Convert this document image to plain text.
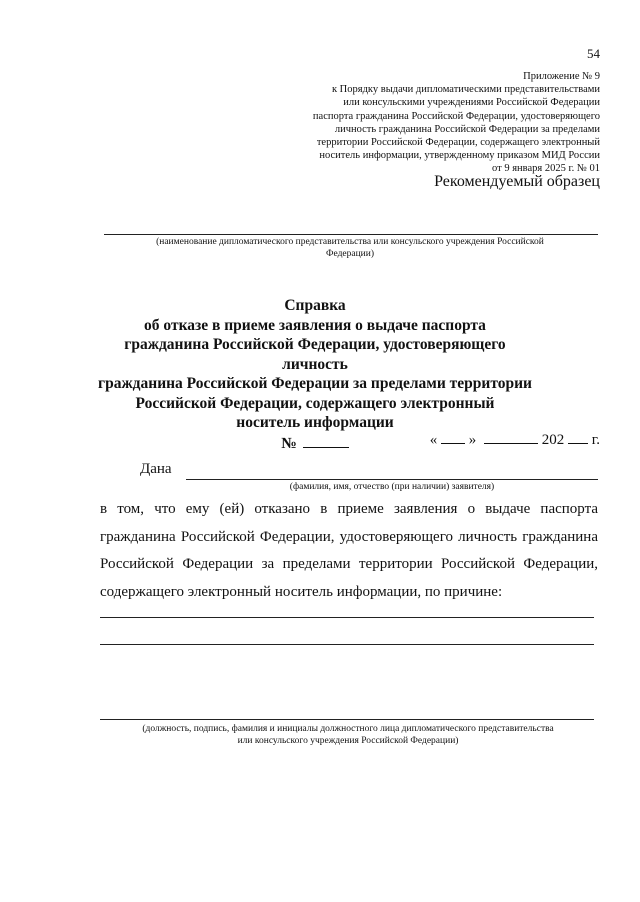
54
Приложение № 9
к Порядку выдачи дипломатическими представительствами
или консульскими учреждениями Российской Федерации
паспорта гражданина Российской Федерации, удостоверяющего
личность гражданина Российской Федерации за пределами
территории Российской Федерации, содержащего электронный
носитель информации, утвержденному приказом МИД России
от 9 января 2025 г. № 01
Рекомендуемый образец
(наименование дипломатического представительства или консульского учреждения Российской
Федерации)
Справка
об отказе в приеме заявления о выдаче паспорта
гражданина Российской Федерации, удостоверяющего личность
гражданина Российской Федерации за пределами территории
Российской Федерации, содержащего электронный
носитель информации
№	« »	202 г.
Дана
(фамилия, имя, отчество (при наличии) заявителя)
в том, что ему (ей) отказано в приеме заявления о выдаче паспорта гражданина Российской Федерации, удостоверяющего личность гражданина Российской Федерации за пределами территории Российской Федерации, содержащего электронный носитель информации, по причине:
(должность, подпись, фамилия и инициалы должностного лица дипломатического представительства
или консульского учреждения Российской Федерации)
